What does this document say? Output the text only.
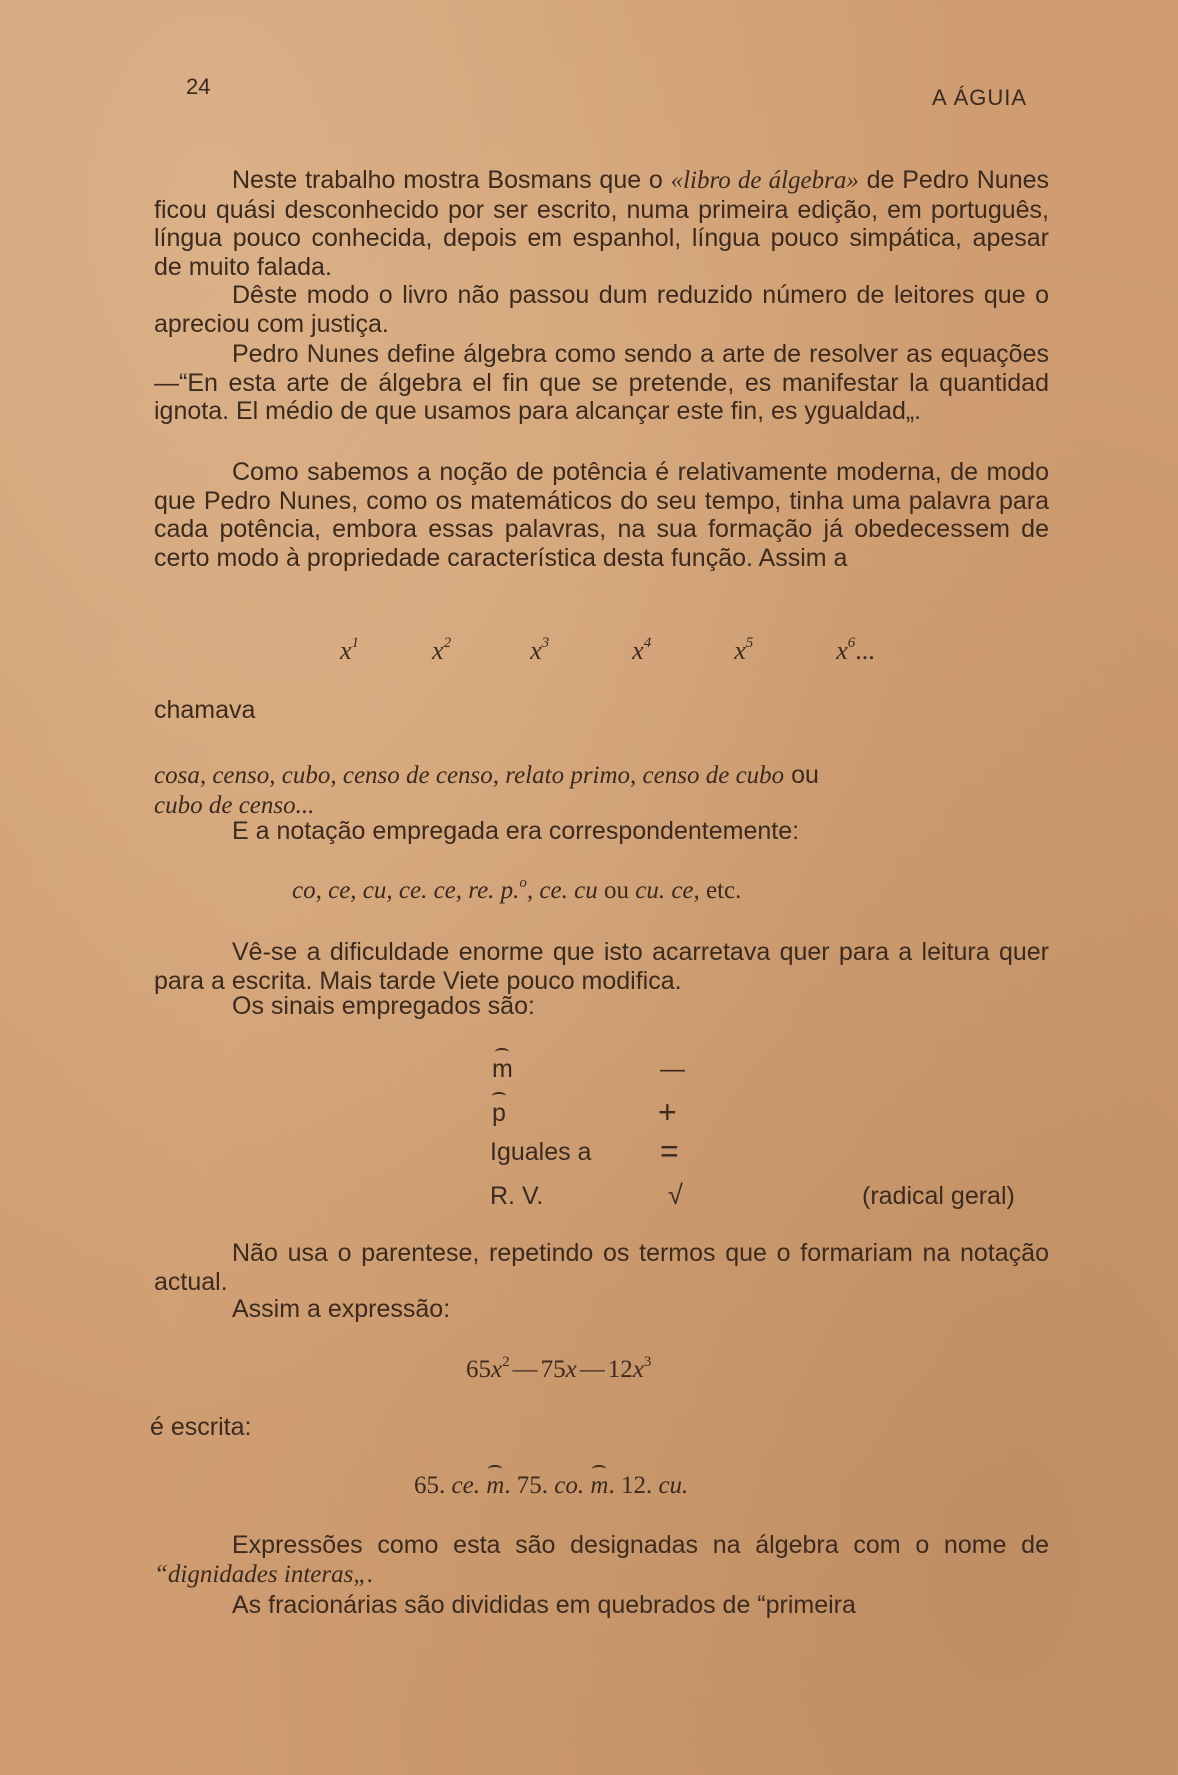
24	A ÁGUIA
Neste trabalho mostra Bosmans que o «libro de álgebra» de Pedro Nunes ficou quási desconhecido por ser escrito, numa primeira edição, em português, língua pouco conhecida, depois em espanhol, língua pouco simpática, apesar de muito falada.
Dêste modo o livro não passou dum reduzido número de leitores que o apreciou com justiça.
Pedro Nunes define álgebra como sendo a arte de resolver as equações—“En esta arte de álgebra el fin que se pretende, es manifestar la quantidad ignota. El médio de que usamos para alcançar este fin, es ygualdad„.
Como sabemos a noção de potência é relativamente moderna, de modo que Pedro Nunes, como os matemáticos do seu tempo, tinha uma palavra para cada potência, embora essas palavras, na sua formação já obedecessem de certo modo à propriedade característica desta função. Assim a
$x^1$	$x^2$	$x^3$	$x^4$	$x^5$	$x^6$...
chamava
cosa, censo, cubo, censo de censo, relato primo, censo de cubo ou
cubo de censo...
E a notação empregada era correspondentemente:
co, ce, cu, ce. ce, re. p.$^o$, ce. cu ou cu. ce, etc.
Vê-se a dificuldade enorme que isto acarretava quer para a leitura quer para a escrita. Mais tarde Viete pouco modifica.
Os sinais empregados são:
m	—
p	+
Iguales a =
R. V.	√	(radical geral)
Não usa o parentese, repetindo os termos que o formariam na notação actual.
Assim a expressão:
$65x^2$ — 75x — $12x^3$
é escrita:
65. ce. m. 75. co. m. 12. cu.
Expressões como esta são designadas na álgebra com o nome de “dignidades interas„.
As fracionárias são divididas em quebrados de “primeira
